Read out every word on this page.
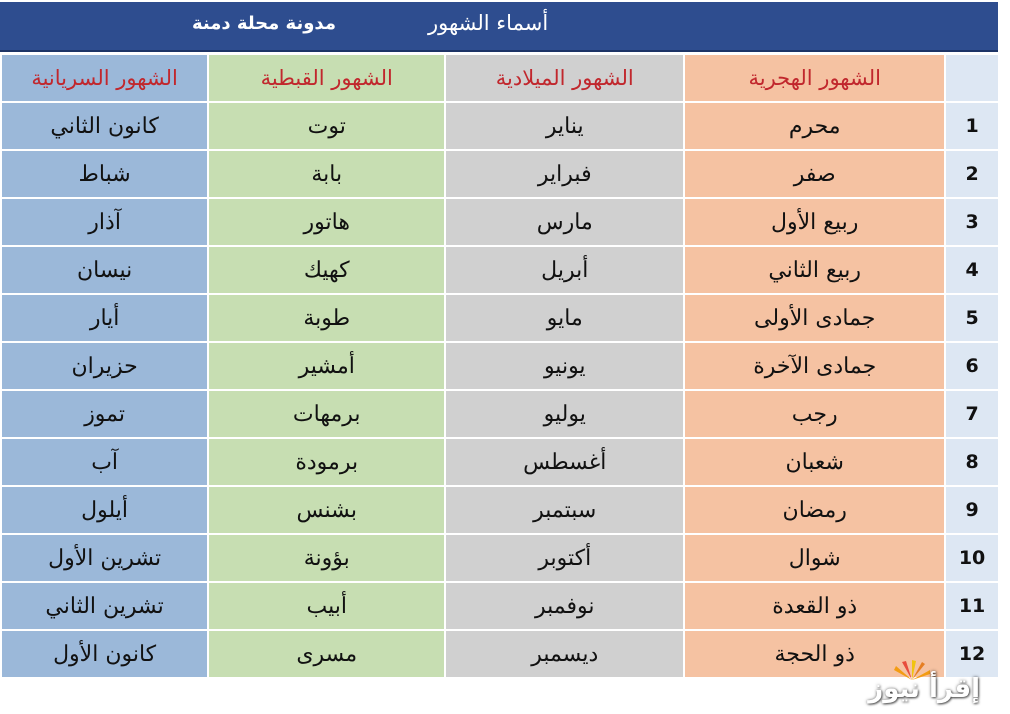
مدونة محلة دمنة	أسماء الشهور
الشهور السريانية	الشهور القبطية	الشهور الميلادية	الشهور الهجرية	
كانون الثاني	توت	يناير	محرم	1
شباط	بابة	فبراير	صفر	2
آذار	هاتور	مارس	ربيع الأول	3
نيسان	كهيك	أبريل	ربيع الثاني	4
أيار	طوبة	مايو	جمادى الأولى	5
حزيران	أمشير	يونيو	جمادى الآخرة	6
تموز	برمهات	يوليو	رجب	7
آب	برمودة	أغسطس	شعبان	8
أيلول	بشنس	سبتمبر	رمضان	9
تشرين الأول	بؤونة	أكتوبر	شوال	10
تشرين الثاني	أبيب	نوفمبر	ذو القعدة	11
كانون الأول	مسرى	ديسمبر	ذو الحجة	12
إقرأ نيوز
